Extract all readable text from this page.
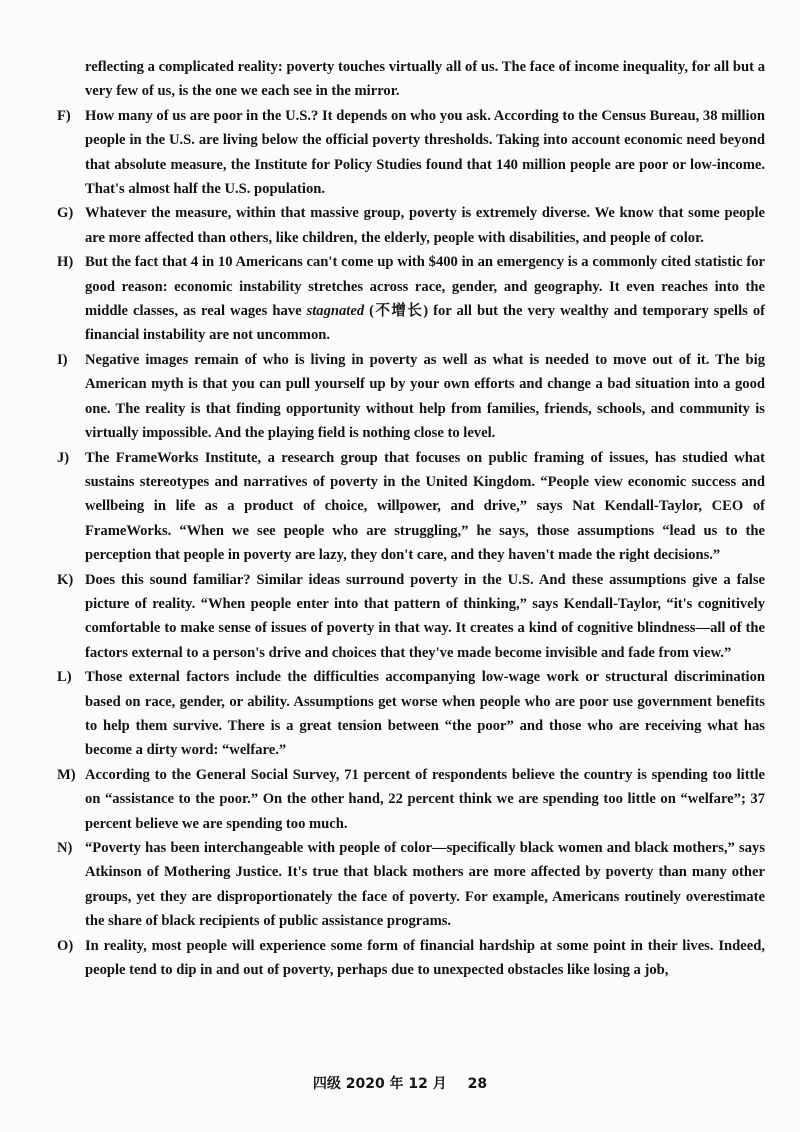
reflecting a complicated reality: poverty touches virtually all of us. The face of income inequality, for all but a very few of us, is the one we each see in the mirror.

F) How many of us are poor in the U.S.? It depends on who you ask. According to the Census Bureau, 38 million people in the U.S. are living below the official poverty thresholds. Taking into account economic need beyond that absolute measure, the Institute for Policy Studies found that 140 million people are poor or low-income. That's almost half the U.S. population.

G) Whatever the measure, within that massive group, poverty is extremely diverse. We know that some people are more affected than others, like children, the elderly, people with disabilities, and people of color.

H) But the fact that 4 in 10 Americans can't come up with $400 in an emergency is a commonly cited statistic for good reason: economic instability stretches across race, gender, and geography. It even reaches into the middle classes, as real wages have stagnated (不增长) for all but the very wealthy and temporary spells of financial instability are not uncommon.

I) Negative images remain of who is living in poverty as well as what is needed to move out of it. The big American myth is that you can pull yourself up by your own efforts and change a bad situation into a good one. The reality is that finding opportunity without help from families, friends, schools, and community is virtually impossible. And the playing field is nothing close to level.

J) The FrameWorks Institute, a research group that focuses on public framing of issues, has studied what sustains stereotypes and narratives of poverty in the United Kingdom. “People view economic success and wellbeing in life as a product of choice, willpower, and drive,” says Nat Kendall-Taylor, CEO of FrameWorks. “When we see people who are struggling,” he says, those assumptions “lead us to the perception that people in poverty are lazy, they don't care, and they haven't made the right decisions.”

K) Does this sound familiar? Similar ideas surround poverty in the U.S. And these assumptions give a false picture of reality. “When people enter into that pattern of thinking,” says Kendall-Taylor, “it's cognitively comfortable to make sense of issues of poverty in that way. It creates a kind of cognitive blindness—all of the factors external to a person's drive and choices that they've made become invisible and fade from view.”

L) Those external factors include the difficulties accompanying low-wage work or structural discrimination based on race, gender, or ability. Assumptions get worse when people who are poor use government benefits to help them survive. There is a great tension between “the poor” and those who are receiving what has become a dirty word: “welfare.”

M) According to the General Social Survey, 71 percent of respondents believe the country is spending too little on “assistance to the poor.” On the other hand, 22 percent think we are spending too little on “welfare”; 37 percent believe we are spending too much.

N) “Poverty has been interchangeable with people of color—specifically black women and black mothers,” says Atkinson of Mothering Justice. It's true that black mothers are more affected by poverty than many other groups, yet they are disproportionately the face of poverty. For example, Americans routinely overestimate the share of black recipients of public assistance programs.

O) In reality, most people will experience some form of financial hardship at some point in their lives. Indeed, people tend to dip in and out of poverty, perhaps due to unexpected obstacles like losing a job,

四级 2020 年 12 月 28
